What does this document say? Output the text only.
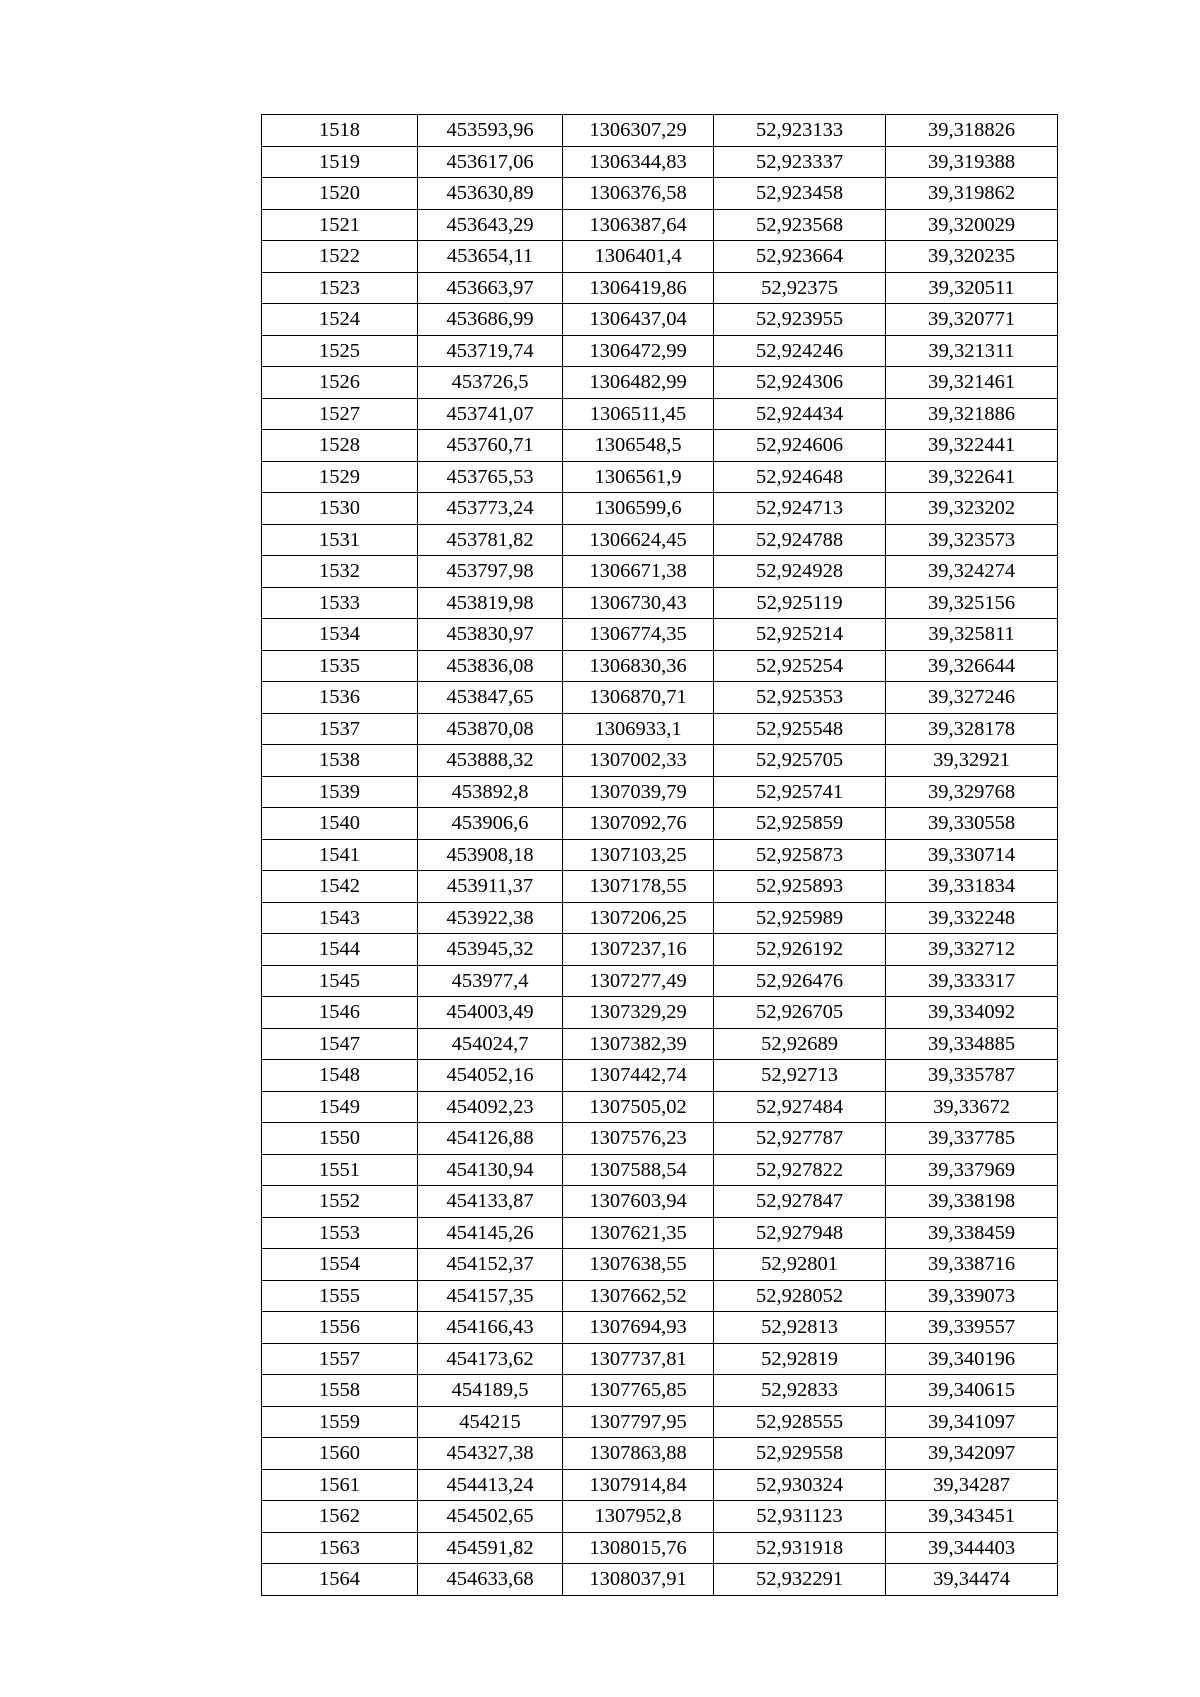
1518	453593,96	1306307,29	52,923133	39,318826
1519	453617,06	1306344,83	52,923337	39,319388
1520	453630,89	1306376,58	52,923458	39,319862
1521	453643,29	1306387,64	52,923568	39,320029
1522	453654,11	1306401,4	52,923664	39,320235
1523	453663,97	1306419,86	52,92375	39,320511
1524	453686,99	1306437,04	52,923955	39,320771
1525	453719,74	1306472,99	52,924246	39,321311
1526	453726,5	1306482,99	52,924306	39,321461
1527	453741,07	1306511,45	52,924434	39,321886
1528	453760,71	1306548,5	52,924606	39,322441
1529	453765,53	1306561,9	52,924648	39,322641
1530	453773,24	1306599,6	52,924713	39,323202
1531	453781,82	1306624,45	52,924788	39,323573
1532	453797,98	1306671,38	52,924928	39,324274
1533	453819,98	1306730,43	52,925119	39,325156
1534	453830,97	1306774,35	52,925214	39,325811
1535	453836,08	1306830,36	52,925254	39,326644
1536	453847,65	1306870,71	52,925353	39,327246
1537	453870,08	1306933,1	52,925548	39,328178
1538	453888,32	1307002,33	52,925705	39,32921
1539	453892,8	1307039,79	52,925741	39,329768
1540	453906,6	1307092,76	52,925859	39,330558
1541	453908,18	1307103,25	52,925873	39,330714
1542	453911,37	1307178,55	52,925893	39,331834
1543	453922,38	1307206,25	52,925989	39,332248
1544	453945,32	1307237,16	52,926192	39,332712
1545	453977,4	1307277,49	52,926476	39,333317
1546	454003,49	1307329,29	52,926705	39,334092
1547	454024,7	1307382,39	52,92689	39,334885
1548	454052,16	1307442,74	52,92713	39,335787
1549	454092,23	1307505,02	52,927484	39,33672
1550	454126,88	1307576,23	52,927787	39,337785
1551	454130,94	1307588,54	52,927822	39,337969
1552	454133,87	1307603,94	52,927847	39,338198
1553	454145,26	1307621,35	52,927948	39,338459
1554	454152,37	1307638,55	52,92801	39,338716
1555	454157,35	1307662,52	52,928052	39,339073
1556	454166,43	1307694,93	52,92813	39,339557
1557	454173,62	1307737,81	52,92819	39,340196
1558	454189,5	1307765,85	52,92833	39,340615
1559	454215	1307797,95	52,928555	39,341097
1560	454327,38	1307863,88	52,929558	39,342097
1561	454413,24	1307914,84	52,930324	39,34287
1562	454502,65	1307952,8	52,931123	39,343451
1563	454591,82	1308015,76	52,931918	39,344403
1564	454633,68	1308037,91	52,932291	39,34474
